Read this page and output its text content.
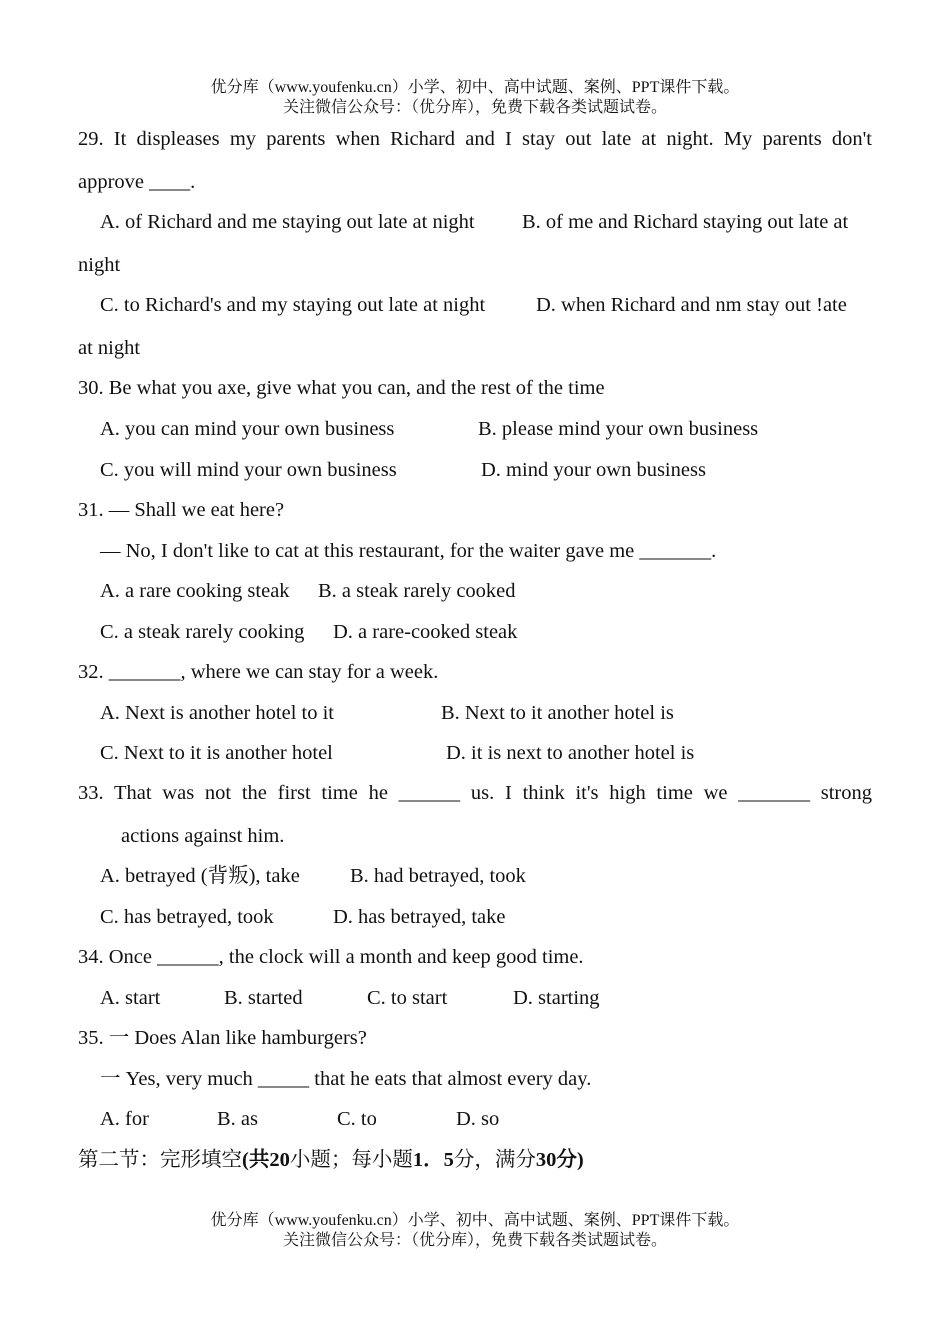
优分库（www.youfenku.cn）小学、初中、高中试题、案例、PPT课件下载。
关注微信公众号：（优分库），免费下载各类试题试卷。
29. It displeases my parents when Richard and I stay out late at night. My parents don't
approve ____.
A. of Richard and me staying out late at night B. of me and Richard staying out late at
night
C. to Richard's and my staying out late at night D. when Richard and nm stay out !ate
at night
30. Be what you axe, give what you can, and the rest of the time
A. you can mind your own business	B. please mind your own business
C. you will mind your own business	D. mind your own business
31. — Shall we eat here?
— No, I don't like to cat at this restaurant, for the waiter gave me _______.
A. a rare cooking steak B. a steak rarely cooked
C. a steak rarely cooking D. a rare-cooked steak
32. _______, where we can stay for a week.
A. Next is another hotel to it	B. Next to it another hotel is
C. Next to it is another hotel	D. it is next to another hotel is
33. That was not the first time he ______ us. I think it's high time we _______ strong
actions against him.
A. betrayed (背叛), take B. had betrayed, took
C. has betrayed, took	D. has betrayed, take
34. Once ______, the clock will a month and keep good time.
A. start	B. started	C. to start	D. starting
35. 一 Does Alan like hamburgers?
一 Yes, very much _____ that he eats that almost every day.
A. for	B. as	C. to	D. so
第二节：完形填空(共20小题；每小题1．5分，满分30分)
优分库（www.youfenku.cn）小学、初中、高中试题、案例、PPT课件下载。
关注微信公众号：（优分库），免费下载各类试题试卷。
